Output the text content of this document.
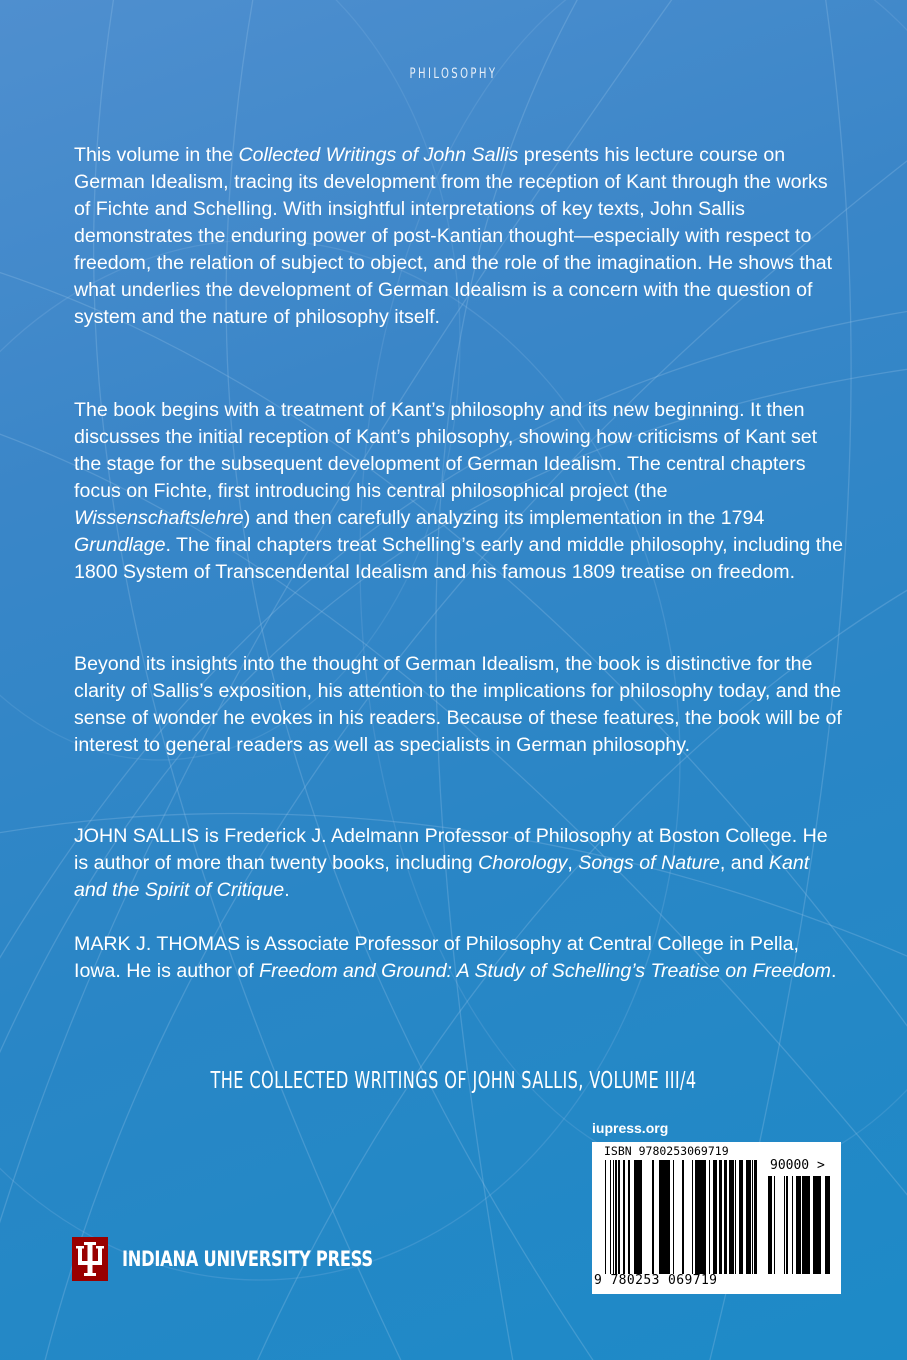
PHILOSOPHY

This volume in the Collected Writings of John Sallis presents his lecture course on German Idealism, tracing its development from the reception of Kant through the works of Fichte and Schelling. With insightful interpretations of key texts, John Sallis demonstrates the enduring power of post-Kantian thought—especially with respect to freedom, the relation of subject to object, and the role of the imagination. He shows that what underlies the development of German Idealism is a concern with the question of system and the nature of philosophy itself.

The book begins with a treatment of Kant’s philosophy and its new beginning. It then discusses the initial reception of Kant’s philosophy, showing how criticisms of Kant set the stage for the subsequent development of German Idealism. The central chapters focus on Fichte, first introducing his central philosophical project (the Wissenschaftslehre) and then carefully analyzing its implementation in the 1794 Grundlage. The final chapters treat Schelling’s early and middle philosophy, including the 1800 System of Transcendental Idealism and his famous 1809 treatise on freedom.

Beyond its insights into the thought of German Idealism, the book is distinctive for the clarity of Sallis’s exposition, his attention to the implications for philosophy today, and the sense of wonder he evokes in his readers. Because of these features, the book will be of interest to general readers as well as specialists in German philosophy.

JOHN SALLIS is Frederick J. Adelmann Professor of Philosophy at Boston College. He is author of more than twenty books, including Chorology, Songs of Nature, and Kant and the Spirit of Critique.

MARK J. THOMAS is Associate Professor of Philosophy at Central College in Pella, Iowa. He is author of Freedom and Ground: A Study of Schelling’s Treatise on Freedom.

THE COLLECTED WRITINGS OF JOHN SALLIS, VOLUME III/4
iupress.org
ISBN 9780253069719
90000 >
9 780253 069719
INDIANA UNIVERSITY PRESS
